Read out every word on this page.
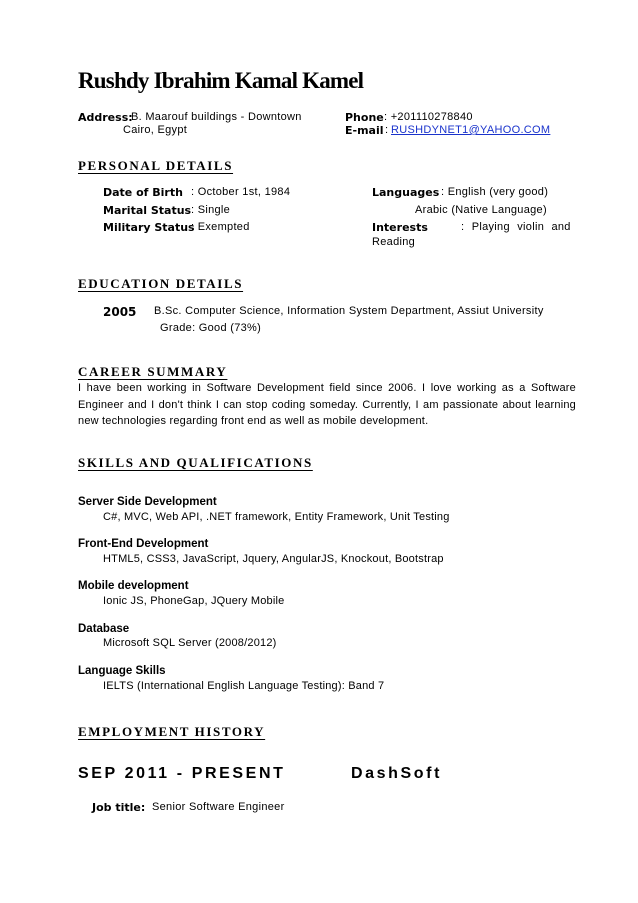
Rushdy Ibrahim Kamal Kamel
Address:
B. Maarouf buildings - Downtown
Cairo, Egypt
Phone : +201110278840
E-mail : RUSHDYNET1@YAHOO.COM
PERSONAL DETAILS
Date of Birth : October 1st, 1984
Marital Status : Single
Military Status
: Exempted
Languages : English (very good)
Arabic (Native Language)
Interests	: Playing violin and
Reading
EDUCATION DETAILS
2005 B.Sc. Computer Science, Information System Department, Assiut University
Grade: Good (73%)
CAREER SUMMARY
I have been working in Software Development field since 2006. I love working as a Software Engineer and I don't think I can stop coding someday. Currently, I am passionate about learning new technologies regarding front end as well as mobile development.
SKILLS AND QUALIFICATIONS
Server Side Development
C#, MVC, Web API, .NET framework, Entity Framework, Unit Testing
Front-End Development
HTML5, CSS3, JavaScript, Jquery, AngularJS, Knockout, Bootstrap
Mobile development
Ionic JS, PhoneGap, JQuery Mobile
Database
Microsoft SQL Server (2008/2012)
Language Skills
IELTS (International English Language Testing): Band 7
EMPLOYMENT HISTORY
SEP 2011 - PRESENT	DashSoft
Job title: Senior Software Engineer
